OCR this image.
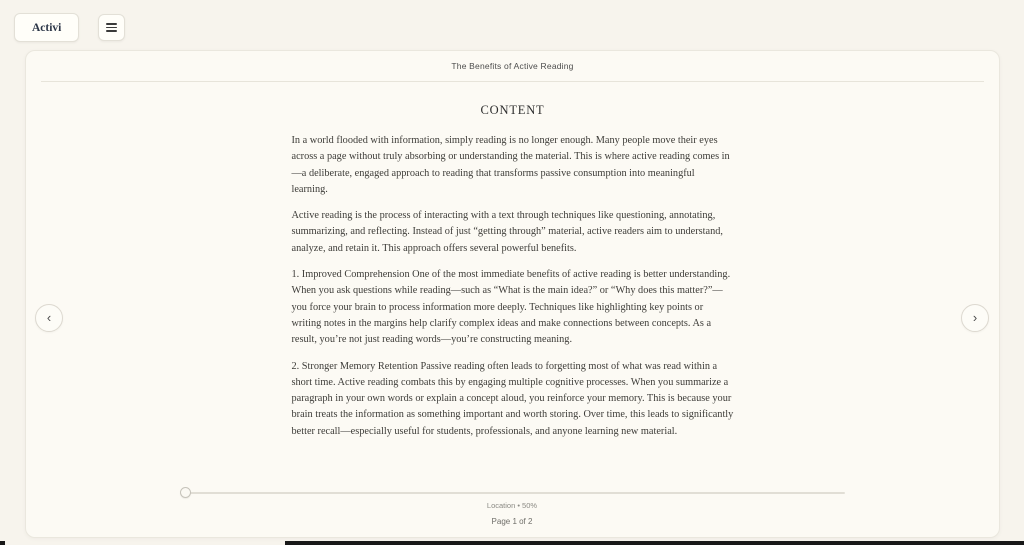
Activi
The Benefits of Active Reading
CONTENT

In a world flooded with information, simply reading is no longer enough. Many people move their eyes across a page without truly absorbing or understanding the material. This is where active reading comes in—a deliberate, engaged approach to reading that transforms passive consumption into meaningful learning.

Active reading is the process of interacting with a text through techniques like questioning, annotating, summarizing, and reflecting. Instead of just “getting through” material, active readers aim to understand, analyze, and retain it. This approach offers several powerful benefits.

1. Improved Comprehension One of the most immediate benefits of active reading is better understanding. When you ask questions while reading—such as “What is the main idea?” or “Why does this matter?”—you force your brain to process information more deeply. Techniques like highlighting key points or writing notes in the margins help clarify complex ideas and make connections between concepts. As a result, you’re not just reading words—you’re constructing meaning.

2. Stronger Memory Retention Passive reading often leads to forgetting most of what was read within a short time. Active reading combats this by engaging multiple cognitive processes. When you summarize a paragraph in your own words or explain a concept aloud, you reinforce your memory. This is because your brain treats the information as something important and worth storing. Over time, this leads to significantly better recall—especially useful for students, professionals, and anyone learning new material.

‹	›
Location • 50%
Page 1 of 2
